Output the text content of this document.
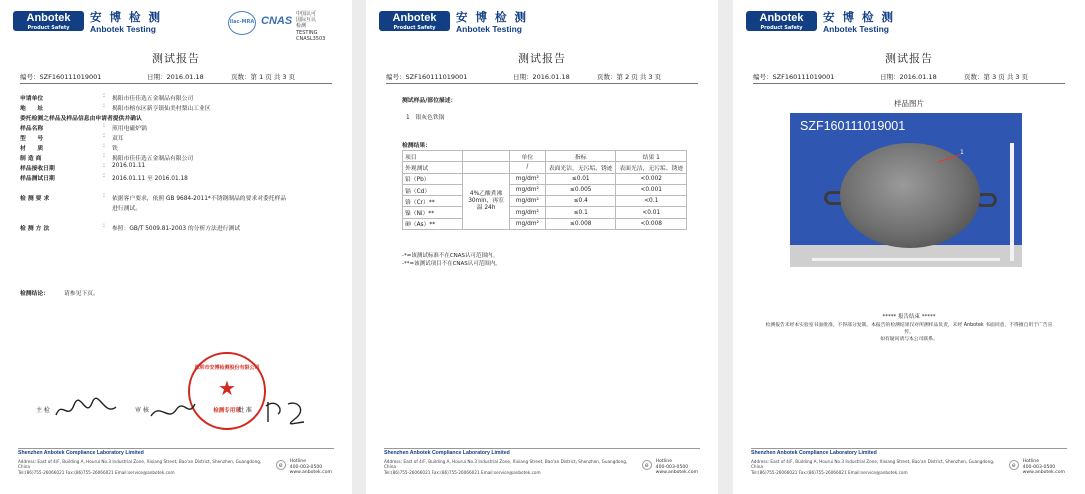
Anbotek
Product Safety
安 博 检 测
Anbotek Testing
ilac-MRA CNAS
中国认可
国际互认
检测
TESTING
CNASL3503
测试报告
编号：SZF160111019001	日期：2016.01.18	页数：第 1 页 共 3 页
申请单位	: 揭阳市佳佳选五金制品有限公司
地　　址	: 揭阳市榕东区新亨镇仙美村梨山工业区
委托检测之样品及样品信息由申请者提供并确认
样品名称	: 煎用电磁炉锅
型　　号	: 双耳
材　　质	: 铁
制 造 商	: 揭阳市佳佳选五金制品有限公司
样品接收日期	: 2016.01.11
样品测试日期	: 2016.01.11 至 2016.01.18
检 测 要 求	: 依据客户要求，依照 GB 9684-2011*不锈钢制品的要求对委托样品
进行测试。
检 测 方 法	: 参照：GB/T 5009.81-2003 的分析方法进行测试
检测结论：	请参见下页。
深圳市安博检测股份有限公司
★
检测专用章
主 检	审 核	批 准
Shenzhen Anbotek Compliance Laboratory Limited
Address: East of 4/F, Building A, Hourui No.3 Industrial Zone, Xixiang Street, Bao'an District, Shenzhen, Guangdong, China
Tel:(86)755-26066021 Fax:(86)755-26066021 Email:service@anbotek.com
e
Hotline
400-003-0500
www.anbotek.com
Anbotek
Product Safety
安 博 检 测
Anbotek Testing
测试报告
编号：SZF160111019001	日期：2016.01.18	页数：第 2 页 共 3 页
测试样品/部位描述：
1　银灰色铁锅
检测结果：
项目		单位	指标	结果 1
外观测试		/	表面光洁，无污垢、锈迹	表面光洁，无污垢、锈迹
铅（Pb）	4%乙酸煮沸 30min，再室温 24h	mg/dm²	≤0.01	<0.002
镉（Cd）		mg/dm²	≤0.005	<0.001
铬（Cr）**		mg/dm²	≤0.4	<0.1
镍（Ni）**		mg/dm²	≤0.1	<0.01
砷（As）**		mg/dm²	≤0.008	<0.008
-*=该测试标准不在CNAS认可范围内。
-**=该测试项目不在CNAS认可范围内。
Shenzhen Anbotek Compliance Laboratory Limited
Address: East of 4/F, Building A, Hourui No.3 Industrial Zone, Xixiang Street, Bao'an District, Shenzhen, Guangdong, China
Tel:(86)755-26066021 Fax:(86)755-26066021 Email:service@anbotek.com
e
Hotline
400-003-0500
www.anbotek.com
Anbotek
Product Safety
安 博 检 测
Anbotek Testing
测试报告
编号：SZF160111019001	日期：2016.01.18	页数：第 3 页 共 3 页
样品图片
1
SZF160111019001
***** 报告结束 *****
检测报告未经本实验室书面批准，不得部分复制。本报告的检测结果仅对所测样品负责，未经 Anbotek 书面同意，不得擅自用于广告宣传。
如有疑问请与本公司联系。
Shenzhen Anbotek Compliance Laboratory Limited
Address: East of 4/F, Building A, Hourui No.3 Industrial Zone, Xixiang Street, Bao'an District, Shenzhen, Guangdong, China
Tel:(86)755-26066021 Fax:(86)755-26066021 Email:service@anbotek.com
e
Hotline
400-003-0500
www.anbotek.com
